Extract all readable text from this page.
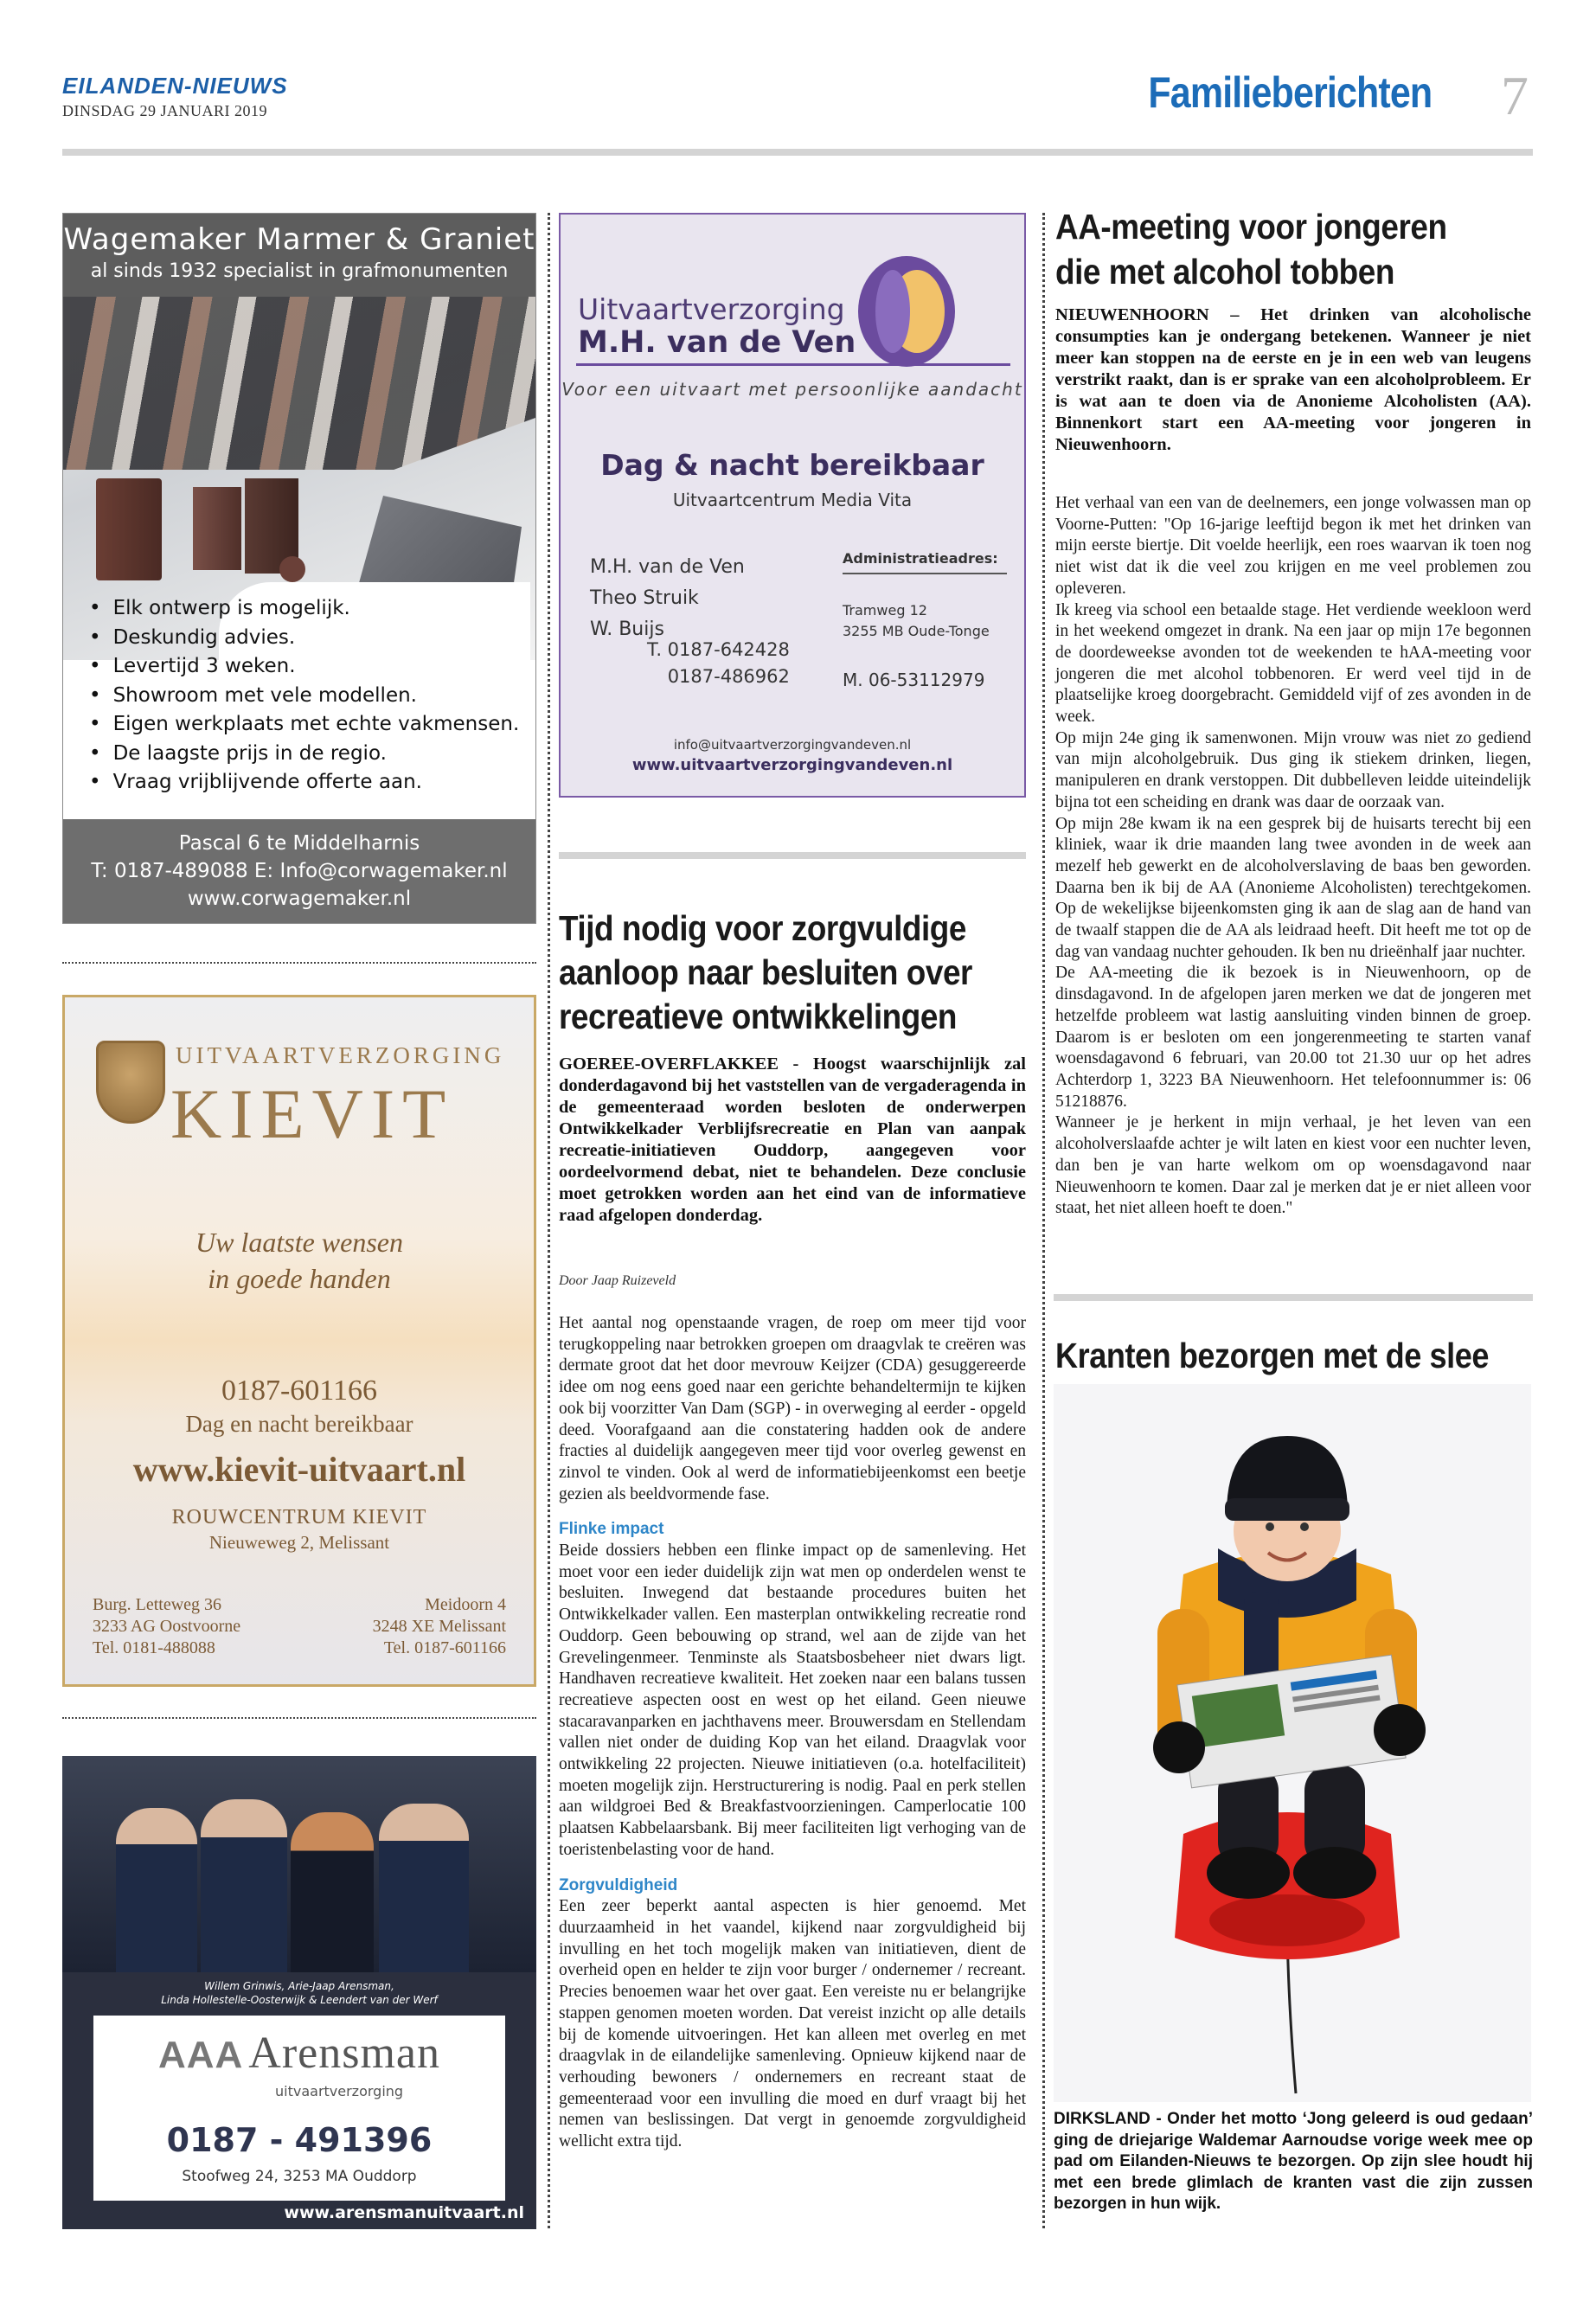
EILANDEN-NIEUWS
DINSDAG 29 JANUARI 2019	Familieberichten 7
Wagemaker Marmer & Graniet
al sinds 1932 specialist in grafmonumenten
• Elk ontwerp is mogelijk.
• Deskundig advies.
• Levertijd 3 weken.
• Showroom met vele modellen.
• Eigen werkplaats met echte vakmensen.
• De laagste prijs in de regio.
• Vraag vrijblijvende offerte aan.
Pascal 6 te Middelharnis
T: 0187-489088 E: Info@corwagemaker.nl
www.corwagemaker.nl
UITVAARTVERZORGING
KIEVIT
Uw laatste wensen
in goede handen
0187-601166
Dag en nacht bereikbaar
www.kievit-uitvaart.nl
ROUWCENTRUM KIEVIT
Nieuweweg 2, Melissant
Burg. Letteweg 36
3233 AG Oostvoorne
Tel. 0181-488088
Meidoorn 4
3248 XE Melissant
Tel. 0187-601166
Willem Grinwis, Arie-Jaap Arensman,
Linda Hollestelle-Oosterwijk & Leendert van der Werf
AAA Arensman
uitvaartverzorging
0187 - 491396
Stoofweg 24, 3253 MA Ouddorp
www.arensmanuitvaart.nl
Uitvaartverzorging
M.H. van de Ven
Voor een uitvaart met persoonlijke aandacht
Dag & nacht bereikbaar
Uitvaartcentrum Media Vita
M.H. van de Ven
Theo Struik
W. Buijs
T. 0187-642428
0187-486962
Administratieadres:
Tramweg 12
3255 MB Oude-Tonge
M. 06-53112979
info@uitvaartverzorgingvandeven.nl
www.uitvaartverzorgingvandeven.nl
Tijd nodig voor zorgvuldige aanloop naar besluiten over recreatieve ontwikkelingen
GOEREE-OVERFLAKKEE - Hoogst waarschijnlijk zal donderdagavond bij het vaststellen van de vergaderagenda in de gemeenteraad worden besloten de onderwerpen Ontwikkelkader Verblijfsrecreatie en Plan van aanpak recreatie-initiatieven Ouddorp, aangegeven voor oordeelvormend debat, niet te behandelen. Deze conclusie moet getrokken worden aan het eind van de informatieve raad afgelopen donderdag.
Door Jaap Ruizeveld

Het aantal nog openstaande vragen, de roep om meer tijd voor terugkoppeling naar betrokken groepen om draagvlak te creëren was dermate groot dat het door mevrouw Keijzer (CDA) gesuggereerde idee om nog eens goed naar een gerichte behandeltermijn te kijken ook bij voorzitter Van Dam (SGP) - in overweging al eerder - opgeld deed. Voorafgaand aan die constatering hadden ook de andere fracties al duidelijk aangegeven meer tijd voor overleg gewenst en zinvol te vinden. Ook al werd de informatiebijeenkomst een beetje gezien als beeldvormende fase.

Flinke impact

Beide dossiers hebben een flinke impact op de samenleving. Het moet voor een ieder duidelijk zijn wat men op onderdelen wenst te besluiten. Inwegend dat bestaande procedures buiten het Ontwikkelkader vallen. Een masterplan ontwikkeling recreatie rond Ouddorp. Geen bebouwing op strand, wel aan de zijde van het Grevelingenmeer. Tenminste als Staatsbosbeheer niet dwars ligt. Handhaven recreatieve kwaliteit. Het zoeken naar een balans tussen recreatieve aspecten oost en west op het eiland. Geen nieuwe stacaravanparken en jachthavens meer. Brouwersdam en Stellendam vallen niet onder de duiding Kop van het eiland. Draagvlak voor ontwikkeling 22 projecten. Nieuwe initiatieven (o.a. hotelfaciliteit) moeten mogelijk zijn. Herstructurering is nodig. Paal en perk stellen aan wildgroei Bed & Breakfastvoorzieningen. Camperlocatie 100 plaatsen Kabbelaarsbank. Bij meer faciliteiten ligt verhoging van de toeristenbelasting voor de hand.

Zorgvuldigheid

Een zeer beperkt aantal aspecten is hier genoemd. Met duurzaamheid in het vaandel, kijkend naar zorgvuldigheid bij invulling en het toch mogelijk maken van initiatieven, dient de overheid open en helder te zijn voor burger / ondernemer / recreant. Precies benoemen waar het over gaat. Een vereiste nu er belangrijke stappen genomen moeten worden. Dat vereist inzicht op alle details bij de komende uitvoeringen. Het kan alleen met overleg en met draagvlak in de eilandelijke samenleving. Opnieuw kijkend naar de verhouding bewoners / ondernemers en recreant staat de gemeenteraad voor een invulling die moed en durf vraagt bij het nemen van beslissingen. Dat vergt in genoemde zorgvuldigheid wellicht extra tijd.

AA-meeting voor jongeren die met alcohol tobben
NIEUWENHOORN – Het drinken van alcoholische consumpties kan je ondergang betekenen. Wanneer je niet meer kan stoppen na de eerste en je in een web van leugens verstrikt raakt, dan is er sprake van een alcoholprobleem. Er is wat aan te doen via de Anonieme Alcoholisten (AA). Binnenkort start een AA-meeting voor jongeren in Nieuwenhoorn.

Het verhaal van een van de deelnemers, een jonge volwassen man op Voorne-Putten: "Op 16-jarige leeftijd begon ik met het drinken van mijn eerste biertje. Dit voelde heerlijk, een roes waarvan ik toen nog niet wist dat ik die veel zou krijgen en me veel problemen zou opleveren.

Ik kreeg via school een betaalde stage. Het verdiende weekloon werd in het weekend omgezet in drank. Na een jaar op mijn 17e begonnen de doordeweekse avonden tot de weekenden te hAA-meeting voor jongeren die met alcohol tobbenoren. Er werd veel tijd in de plaatselijke kroeg doorgebracht. Gemiddeld vijf of zes avonden in de week.

Op mijn 24e ging ik samenwonen. Mijn vrouw was niet zo gediend van mijn alcoholgebruik. Dus ging ik stiekem drinken, liegen, manipuleren en drank verstoppen. Dit dubbelleven leidde uiteindelijk bijna tot een scheiding en drank was daar de oorzaak van.

Op mijn 28e kwam ik na een gesprek bij de huisarts terecht bij een kliniek, waar ik drie maanden lang twee avonden in de week aan mezelf heb gewerkt en de alcoholverslaving de baas ben geworden. Daarna ben ik bij de AA (Anonieme Alcoholisten) terechtgekomen. Op de wekelijkse bijeenkomsten ging ik aan de slag aan de hand van de twaalf stappen die de AA als leidraad heeft. Dit heeft me tot op de dag van vandaag nuchter gehouden. Ik ben nu drieënhalf jaar nuchter.

De AA-meeting die ik bezoek is in Nieuwenhoorn, op de dinsdagavond. In de afgelopen jaren merken we dat de jongeren met hetzelfde probleem wat lastig aansluiting vinden binnen de groep. Daarom is er besloten om een jongerenmeeting te starten vanaf woensdagavond 6 februari, van 20.00 tot 21.30 uur op het adres Achterdorp 1, 3223 BA Nieuwenhoorn. Het telefoonnummer is: 06 51218876.

Wanneer je je herkent in mijn verhaal, je het leven van een alcoholverslaafde achter je wilt laten en kiest voor een nuchter leven, dan ben je van harte welkom om op woensdagavond naar Nieuwenhoorn te komen. Daar zal je merken dat je er niet alleen voor staat, het niet alleen hoeft te doen."

Kranten bezorgen met de slee
DIRKSLAND - Onder het motto ‘Jong geleerd is oud gedaan’ ging de driejarige Waldemar Aarnoudse vorige week mee op pad om Eilanden-Nieuws te bezorgen. Op zijn slee houdt hij met een brede glimlach de kranten vast die zijn zussen bezorgen in hun wijk.
